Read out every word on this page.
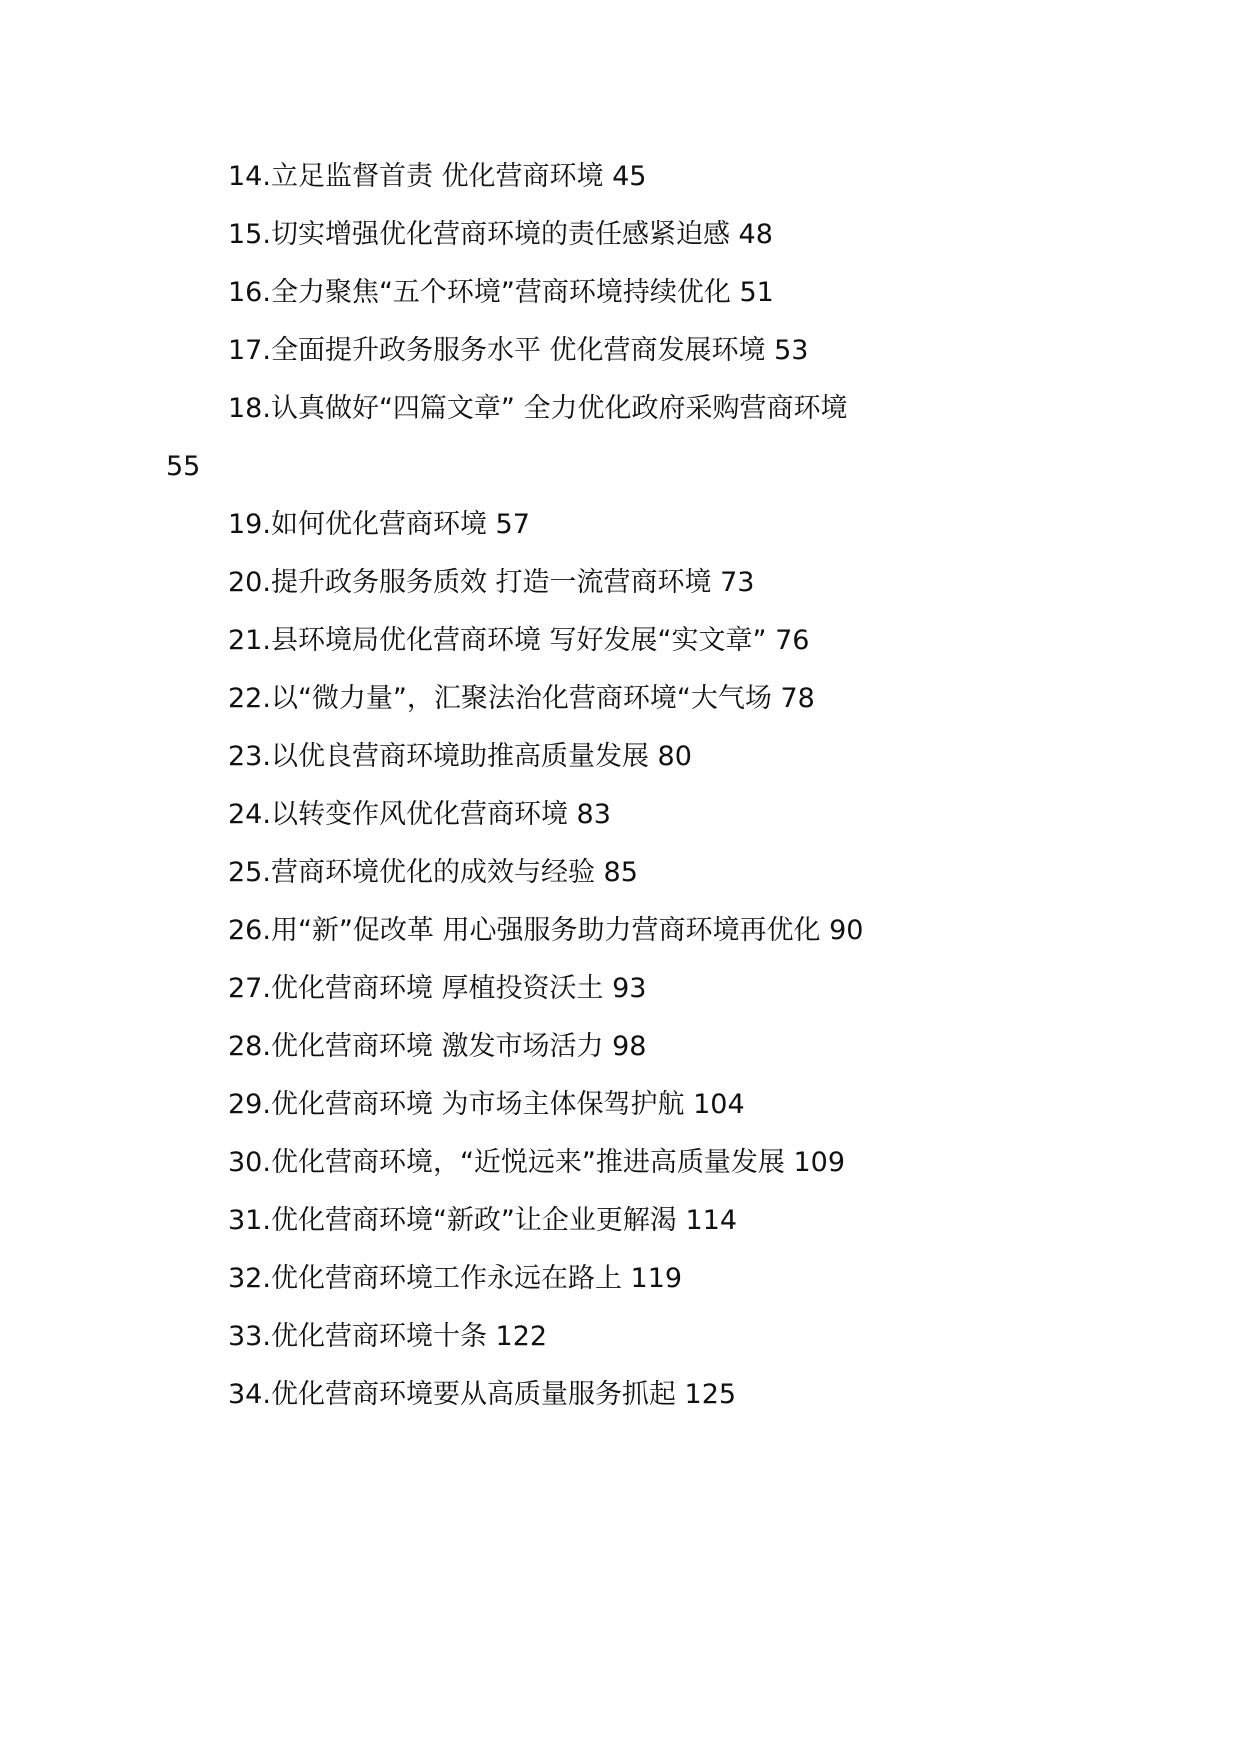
14.立足监督首责 优化营商环境 45
15.切实增强优化营商环境的责任感紧迫感 48
16.全力聚焦“五个环境”营商环境持续优化 51
17.全面提升政务服务水平 优化营商发展环境 53
18.认真做好“四篇文章” 全力优化政府采购营商环境
55
19.如何优化营商环境 57
20.提升政务服务质效 打造一流营商环境 73
21.县环境局优化营商环境 写好发展“实文章” 76
22.以“微力量”，汇聚法治化营商环境“大气场 78
23.以优良营商环境助推高质量发展 80
24.以转变作风优化营商环境 83
25.营商环境优化的成效与经验 85
26.用“新”促改革 用心强服务助力营商环境再优化 90
27.优化营商环境 厚植投资沃土 93
28.优化营商环境 激发市场活力 98
29.优化营商环境 为市场主体保驾护航 104
30.优化营商环境，“近悦远来”推进高质量发展 109
31.优化营商环境“新政”让企业更解渴 114
32.优化营商环境工作永远在路上 119
33.优化营商环境十条 122
34.优化营商环境要从高质量服务抓起 125
